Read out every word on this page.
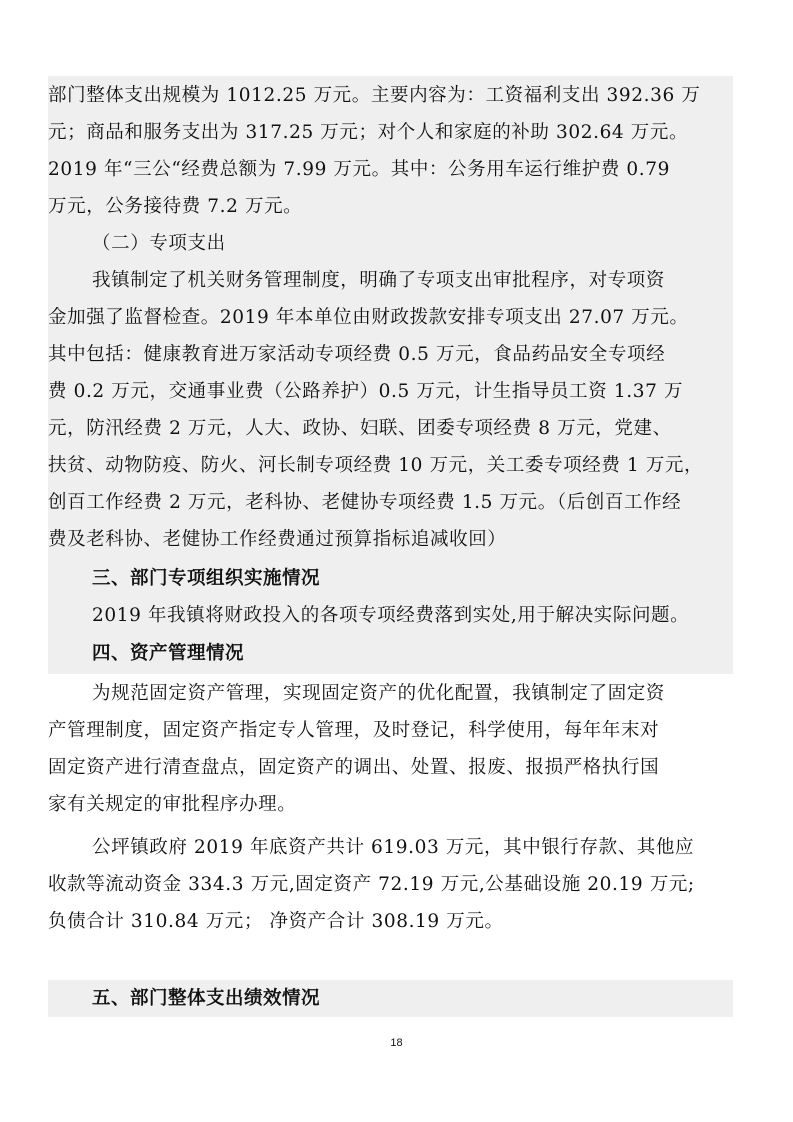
部门整体支出规模为 1012.25 万元。主要内容为：工资福利支出 392.36 万
元；商品和服务支出为 317.25 万元；对个人和家庭的补助 302.64 万元。
2019 年“三公“经费总额为 7.99 万元。其中：公务用车运行维护费 0.79
万元，公务接待费 7.2 万元。
（二）专项支出
我镇制定了机关财务管理制度，明确了专项支出审批程序，对专项资
金加强了监督检查。2019 年本单位由财政拨款安排专项支出 27.07 万元。
其中包括：健康教育进万家活动专项经费 0.5 万元，食品药品安全专项经
费 0.2 万元，交通事业费（公路养护）0.5 万元，计生指导员工资 1.37 万
元，防汛经费 2 万元，人大、政协、妇联、团委专项经费 8 万元，党建、
扶贫、动物防疫、防火、河长制专项经费 10 万元，关工委专项经费 1 万元，
创百工作经费 2 万元，老科协、老健协专项经费 1.5 万元。（后创百工作经
费及老科协、老健协工作经费通过预算指标追减收回）
三、部门专项组织实施情况
2019 年我镇将财政投入的各项专项经费落到实处,用于解决实际问题。
四、资产管理情况
为规范固定资产管理，实现固定资产的优化配置，我镇制定了固定资
产管理制度，固定资产指定专人管理，及时登记，科学使用，每年年末对
固定资产进行清查盘点，固定资产的调出、处置、报废、报损严格执行国
家有关规定的审批程序办理。
公坪镇政府 2019 年底资产共计 619.03 万元，其中银行存款、其他应
收款等流动资金 334.3 万元,固定资产 72.19 万元,公基础设施 20.19 万元;
负债合计 310.84 万元； 净资产合计 308.19 万元。
五、部门整体支出绩效情况
18
